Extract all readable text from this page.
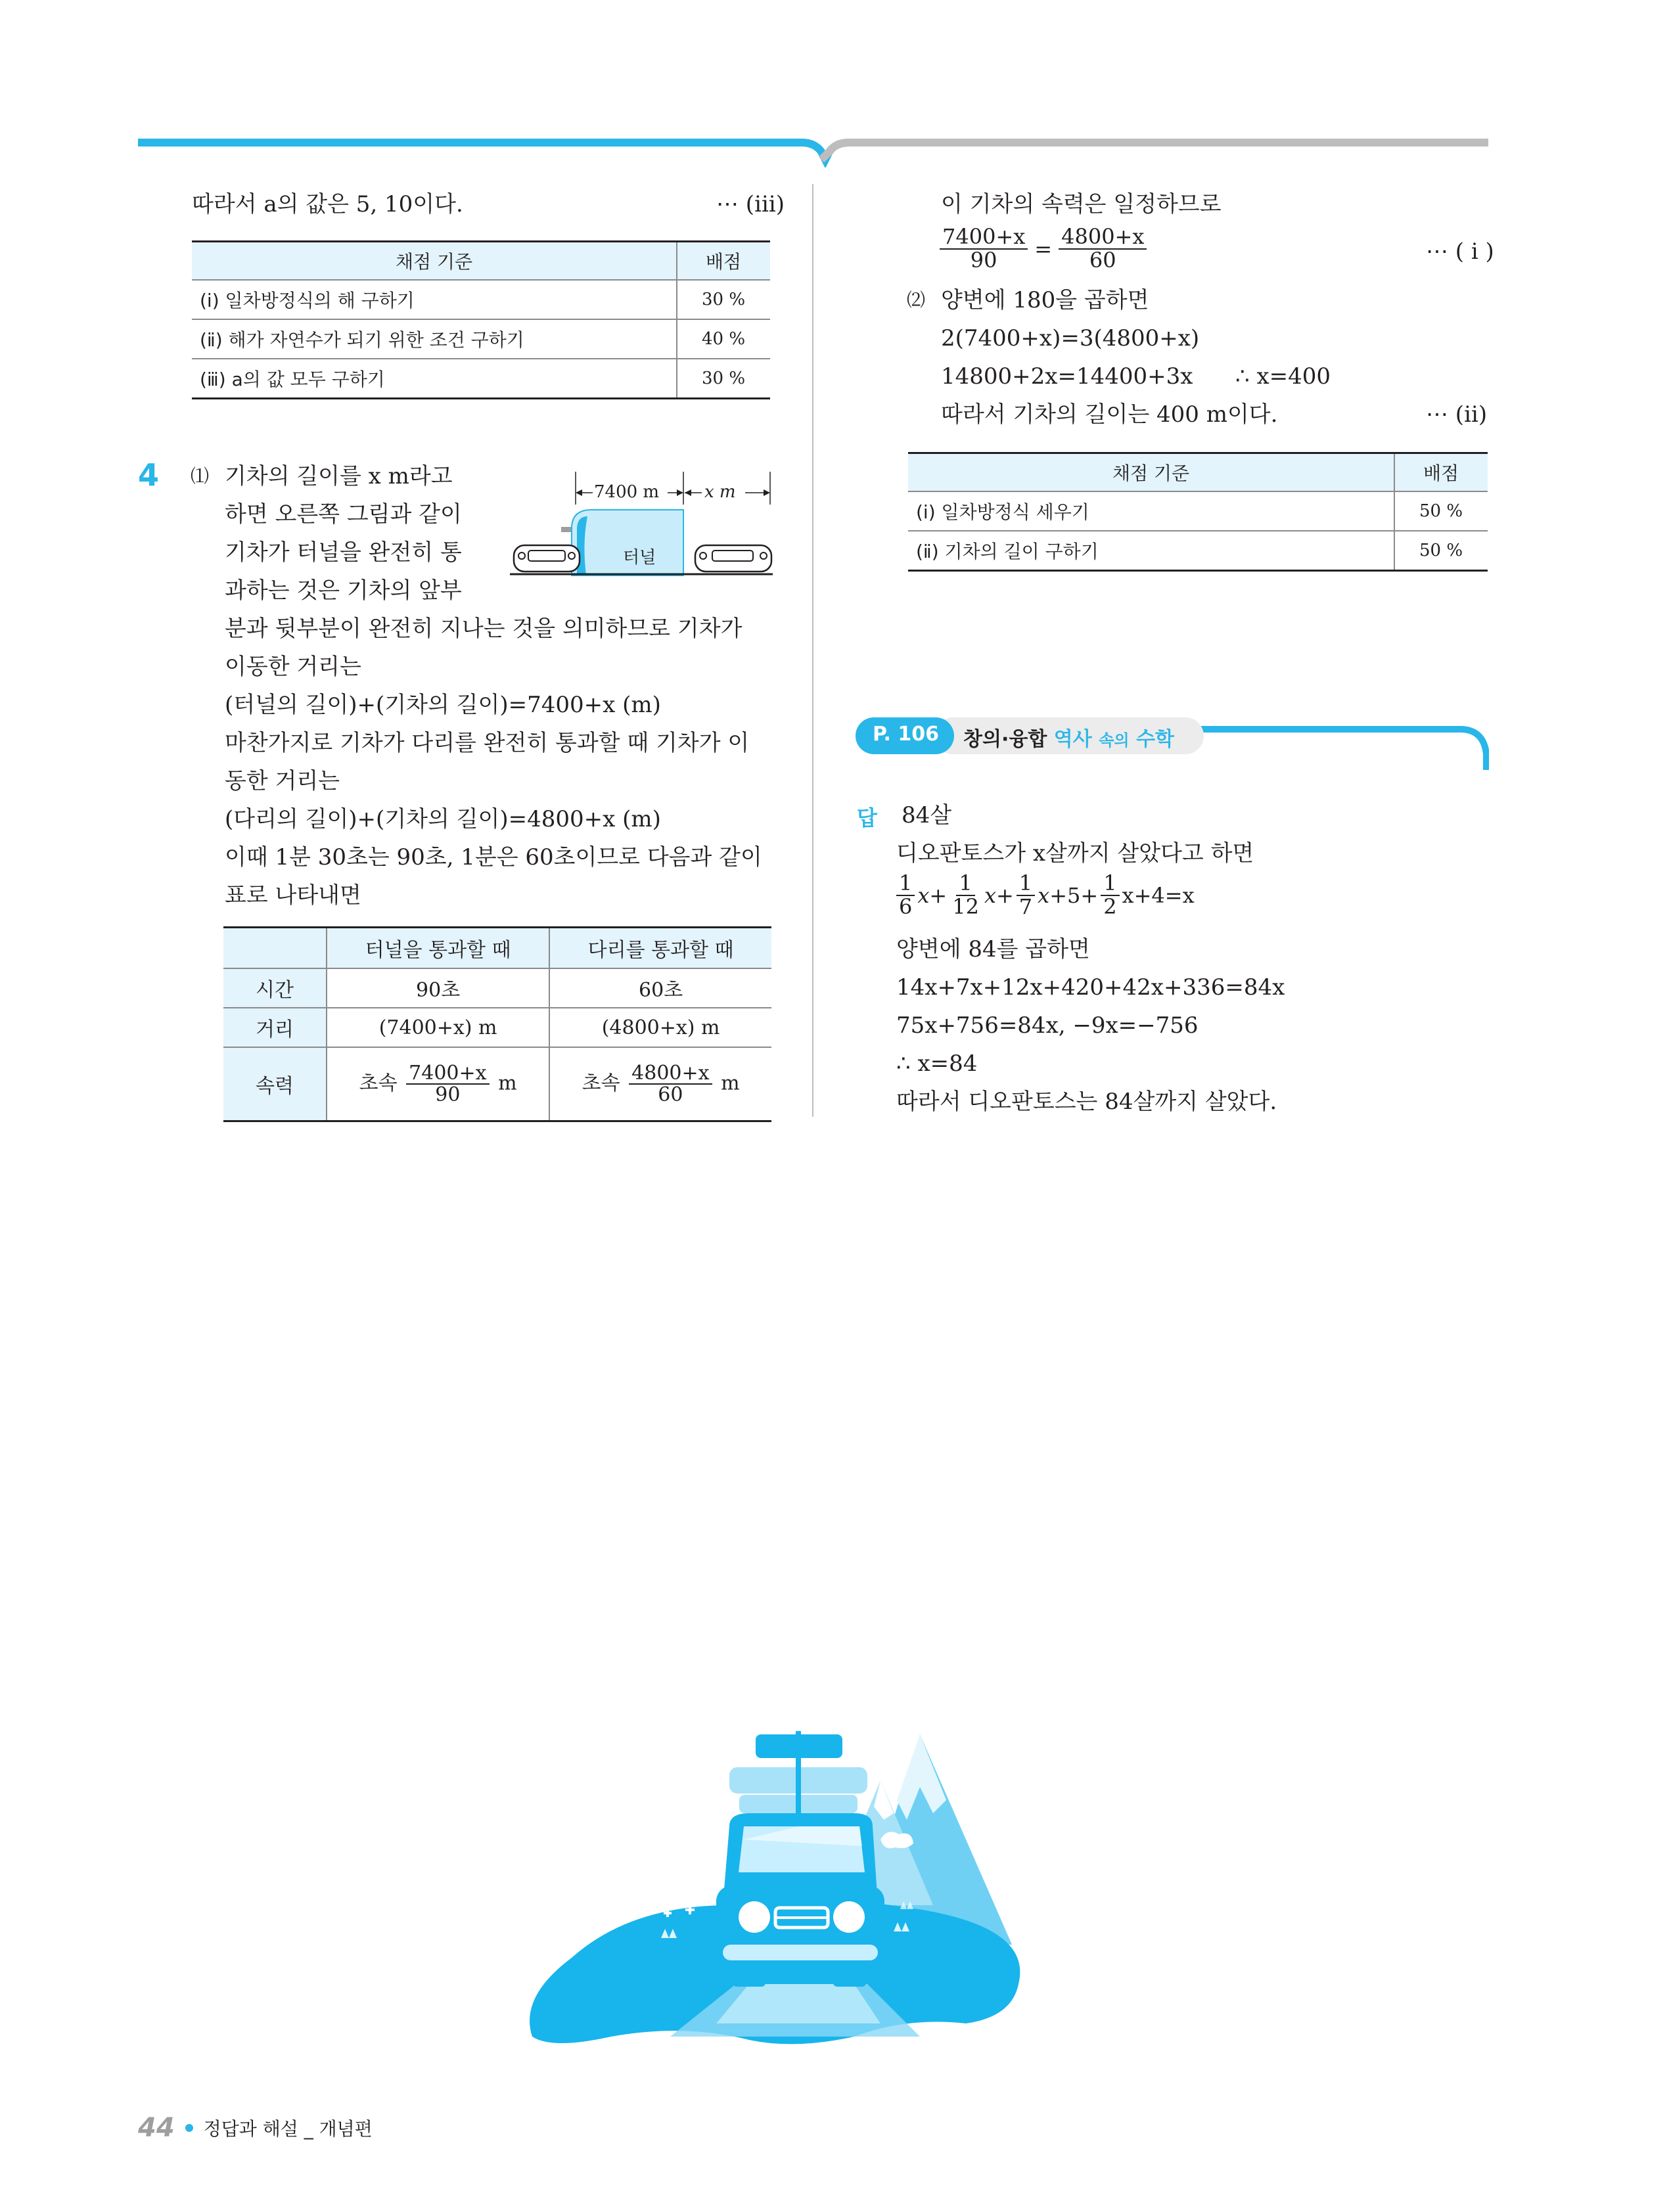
따라서 a의 값은 5, 10이다.	⋯ (iii)
채점 기준	배점
(ⅰ) 일차방정식의 해 구하기	30 %
(ⅱ) 해가 자연수가 되기 위한 조건 구하기	40 %
(ⅲ) a의 값 모두 구하기	30 %
4 ⑴ 기차의 길이를 x m라고
하면 오른쪽 그림과 같이
기차가 터널을 완전히 통
과하는 것은 기차의 앞부
분과 뒷부분이 완전히 지나는 것을 의미하므로 기차가
이동한 거리는
(터널의 길이)+(기차의 길이)=7400+x (m)
마찬가지로 기차가 다리를 완전히 통과할 때 기차가 이
동한 거리는
(다리의 길이)+(기차의 길이)=4800+x (m)
이때 1분 30초는 90초, 1분은 60초이므로 다음과 같이
표로 나타내면
7400 m	x m
터널
	터널을 통과할 때	다리를 통과할 때
시간	90초	60초
거리	(7400+x) m	(4800+x) m
속력	초속 $\frac{7400+x}{90}$ m	초속 $\frac{4800+x}{60}$ m
이 기차의 속력은 일정하므로
$\frac{7400+x}{90} = \frac{4800+x}{60}$	⋯ ( i )
⑵ 양변에 180을 곱하면
2(7400+x)=3(4800+x)
14800+2x=14400+3x ∴ x=400
따라서 기차의 길이는 400 m이다.	⋯ (ii)
채점 기준	배점
(ⅰ) 일차방정식 세우기	50 %
(ⅱ) 기차의 길이 구하기	50 %
P. 106 창의·융합 역사 속의 수학
답 84살
디오판토스가 x살까지 살았다고 하면
$\frac{1}{6}$ $x + \frac{1}{12}$ $x + \frac{1}{7}$ $x +5+ \frac{1}{2} x+4=x$
양변에 84를 곱하면
14x+7x+12x+420+42x+336=84x
75x+756=84x, −9x=−756
∴ x=84
따라서 디오판토스는 84살까지 살았다.
44 정답과 해설 _ 개념편
